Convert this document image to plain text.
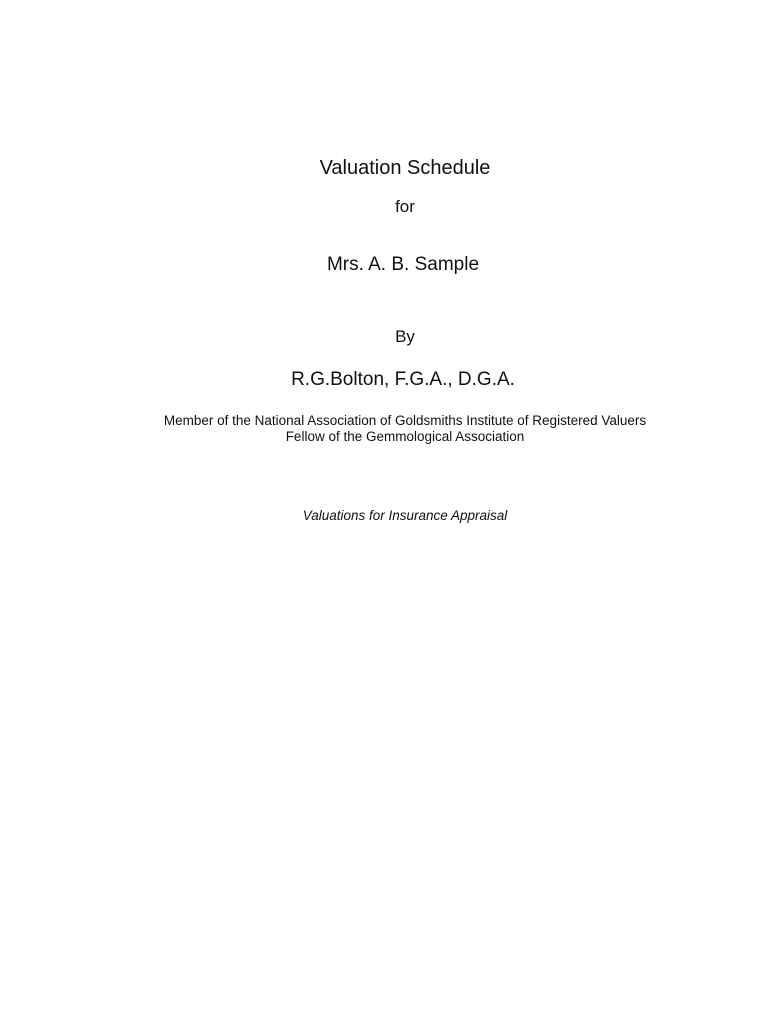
Valuation Schedule
for
Mrs. A. B. Sample
By
R.G.Bolton, F.G.A., D.G.A.
Member of the National Association of Goldsmiths Institute of Registered Valuers
Fellow of the Gemmological Association
Valuations for Insurance Appraisal
